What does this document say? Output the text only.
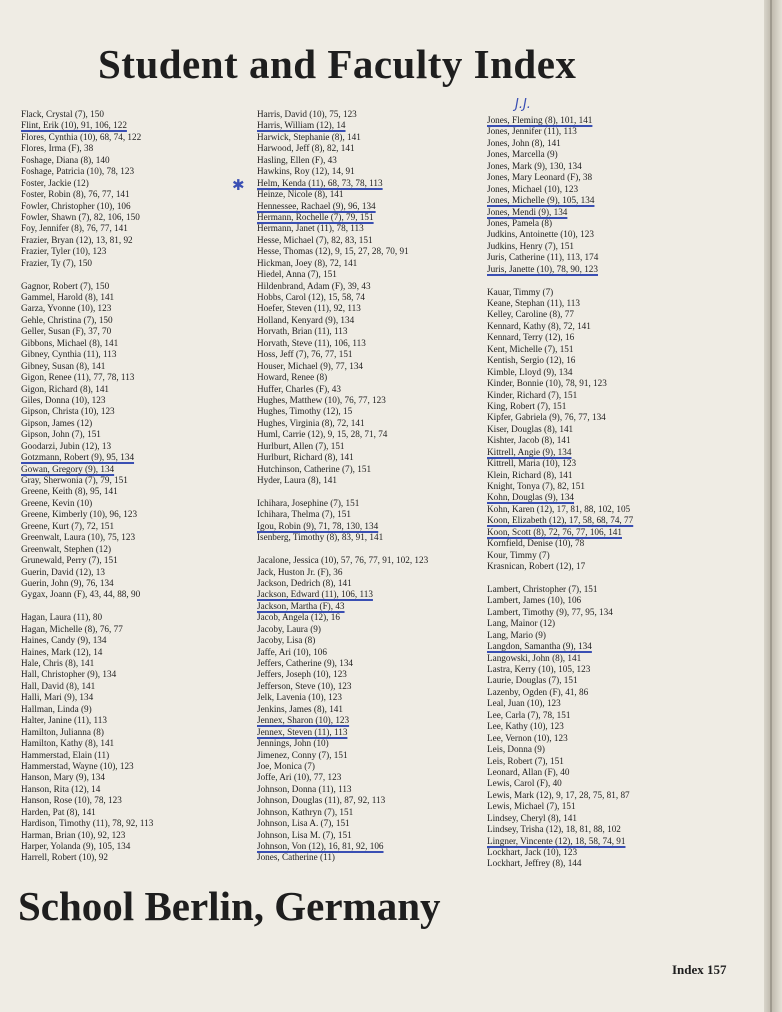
Student and Faculty Index
J.J.
✱
Flack, Crystal (7), 150
Flint, Erik (10), 91, 106, 122
Flores, Cynthia (10), 68, 74, 122
Flores, Irma (F), 38
Foshage, Diana (8), 140
Foshage, Patricia (10), 78, 123
Foster, Jackie (12)
Foster, Robin (8), 76, 77, 141
Fowler, Christopher (10), 106
Fowler, Shawn (7), 82, 106, 150
Foy, Jennifer (8), 76, 77, 141
Frazier, Bryan (12), 13, 81, 92
Frazier, Tyler (10), 123
Frazier, Ty (7), 150
Gagnor, Robert (7), 150
Gammel, Harold (8), 141
Garza, Yvonne (10), 123
Gehle, Christina (7), 150
Geller, Susan (F), 37, 70
Gibbons, Michael (8), 141
Gibney, Cynthia (11), 113
Gibney, Susan (8), 141
Gigon, Renee (11), 77, 78, 113
Gigon, Richard (8), 141
Giles, Donna (10), 123
Gipson, Christa (10), 123
Gipson, James (12)
Gipson, John (7), 151
Goodarzi, Jubin (12), 13
Gotzmann, Robert (9), 95, 134
Gowan, Gregory (9), 134
Gray, Sherwonia (7), 79, 151
Greene, Keith (8), 95, 141
Greene, Kevin (10)
Greene, Kimberly (10), 96, 123
Greene, Kurt (7), 72, 151
Greenwalt, Laura (10), 75, 123
Greenwalt, Stephen (12)
Grunewald, Perry (7), 151
Guerin, David (12), 13
Guerin, John (9), 76, 134
Gygax, Joann (F), 43, 44, 88, 90
Hagan, Laura (11), 80
Hagan, Michelle (8), 76, 77
Haines, Candy (9), 134
Haines, Mark (12), 14
Hale, Chris (8), 141
Hall, Christopher (9), 134
Hall, David (8), 141
Halli, Mari (9), 134
Hallman, Linda (9)
Halter, Janine (11), 113
Hamilton, Julianna (8)
Hamilton, Kathy (8), 141
Hammerstad, Elain (11)
Hammerstad, Wayne (10), 123
Hanson, Mary (9), 134
Hanson, Rita (12), 14
Hanson, Rose (10), 78, 123
Harden, Pat (8), 141
Hardison, Timothy (11), 78, 92, 113
Harman, Brian (10), 92, 123
Harper, Yolanda (9), 105, 134
Harrell, Robert (10), 92
Harris, David (10), 75, 123
Harris, William (12), 14
Harwick, Stephanie (8), 141
Harwood, Jeff (8), 82, 141
Hasling, Ellen (F), 43
Hawkins, Roy (12), 14, 91
Helm, Kenda (11), 68, 73, 78, 113
Heinze, Nicole (8), 141
Hennessee, Rachael (9), 96, 134
Hermann, Rochelle (7), 79, 151
Hermann, Janet (11), 78, 113
Hesse, Michael (7), 82, 83, 151
Hesse, Thomas (12), 9, 15, 27, 28, 70, 91
Hickman, Joey (8), 72, 141
Hiedel, Anna (7), 151
Hildenbrand, Adam (F), 39, 43
Hobbs, Carol (12), 15, 58, 74
Hoefer, Steven (11), 92, 113
Holland, Kenyard (9), 134
Horvath, Brian (11), 113
Horvath, Steve (11), 106, 113
Hoss, Jeff (7), 76, 77, 151
Houser, Michael (9), 77, 134
Howard, Renee (8)
Huffer, Charles (F), 43
Hughes, Matthew (10), 76, 77, 123
Hughes, Timothy (12), 15
Hughes, Virginia (8), 72, 141
Huml, Carrie (12), 9, 15, 28, 71, 74
Hurlburt, Allen (7), 151
Hurlburt, Richard (8), 141
Hutchinson, Catherine (7), 151
Hyder, Laura (8), 141
Ichihara, Josephine (7), 151
Ichihara, Thelma (7), 151
Igou, Robin (9), 71, 78, 130, 134
Isenberg, Timothy (8), 83, 91, 141
Jacalone, Jessica (10), 57, 76, 77, 91, 102, 123
Jack, Huston Jr. (F), 36
Jackson, Dedrich (8), 141
Jackson, Edward (11), 106, 113
Jackson, Martha (F), 43
Jacob, Angela (12), 16
Jacoby, Laura (9)
Jacoby, Lisa (8)
Jaffe, Ari (10), 106
Jeffers, Catherine (9), 134
Jeffers, Joseph (10), 123
Jefferson, Steve (10), 123
Jelk, Lavenia (10), 123
Jenkins, James (8), 141
Jennex, Sharon (10), 123
Jennex, Steven (11), 113
Jennings, John (10)
Jimenez, Conny (7), 151
Joe, Monica (7)
Joffe, Ari (10), 77, 123
Johnson, Donna (11), 113
Johnson, Douglas (11), 87, 92, 113
Johnson, Kathryn (7), 151
Johnson, Lisa A. (7), 151
Johnson, Lisa M. (7), 151
Johnson, Von (12), 16, 81, 92, 106
Jones, Catherine (11)
Jones, Fleming (8), 101, 141
Jones, Jennifer (11), 113
Jones, John (8), 141
Jones, Marcella (9)
Jones, Mark (9), 130, 134
Jones, Mary Leonard (F), 38
Jones, Michael (10), 123
Jones, Michelle (9), 105, 134
Jones, Mendi (9), 134
Jones, Pamela (8)
Judkins, Antoinette (10), 123
Judkins, Henry (7), 151
Juris, Catherine (11), 113, 174
Juris, Janette (10), 78, 90, 123
Kauar, Timmy (7)
Keane, Stephan (11), 113
Kelley, Caroline (8), 77
Kennard, Kathy (8), 72, 141
Kennard, Terry (12), 16
Kent, Michelle (7), 151
Kentish, Sergio (12), 16
Kimble, Lloyd (9), 134
Kinder, Bonnie (10), 78, 91, 123
Kinder, Richard (7), 151
King, Robert (7), 151
Kipfer, Gabriela (9), 76, 77, 134
Kiser, Douglas (8), 141
Kishter, Jacob (8), 141
Kittrell, Angie (9), 134
Kittrell, Maria (10), 123
Klein, Richard (8), 141
Knight, Tonya (7), 82, 151
Kohn, Douglas (9), 134
Kohn, Karen (12), 17, 81, 88, 102, 105
Koon, Elizabeth (12), 17, 58, 68, 74, 77
Koon, Scott (8), 72, 76, 77, 106, 141
Kornfield, Denise (10), 78
Kour, Timmy (7)
Krasnican, Robert (12), 17
Lambert, Christopher (7), 151
Lambert, James (10), 106
Lambert, Timothy (9), 77, 95, 134
Lang, Mainor (12)
Lang, Mario (9)
Langdon, Samantha (9), 134
Langowski, John (8), 141
Lastra, Kerry (10), 105, 123
Laurie, Douglas (7), 151
Lazenby, Ogden (F), 41, 86
Leal, Juan (10), 123
Lee, Carla (7), 78, 151
Lee, Kathy (10), 123
Lee, Vernon (10), 123
Leis, Donna (9)
Leis, Robert (7), 151
Leonard, Allan (F), 40
Lewis, Carol (F), 40
Lewis, Mark (12), 9, 17, 28, 75, 81, 87
Lewis, Michael (7), 151
Lindsey, Cheryl (8), 141
Lindsey, Trisha (12), 18, 81, 88, 102
Lingner, Vincente (12), 18, 58, 74, 91
Lockhart, Jack (10), 123
Lockhart, Jeffrey (8), 144
School Berlin, Germany
Index 157
